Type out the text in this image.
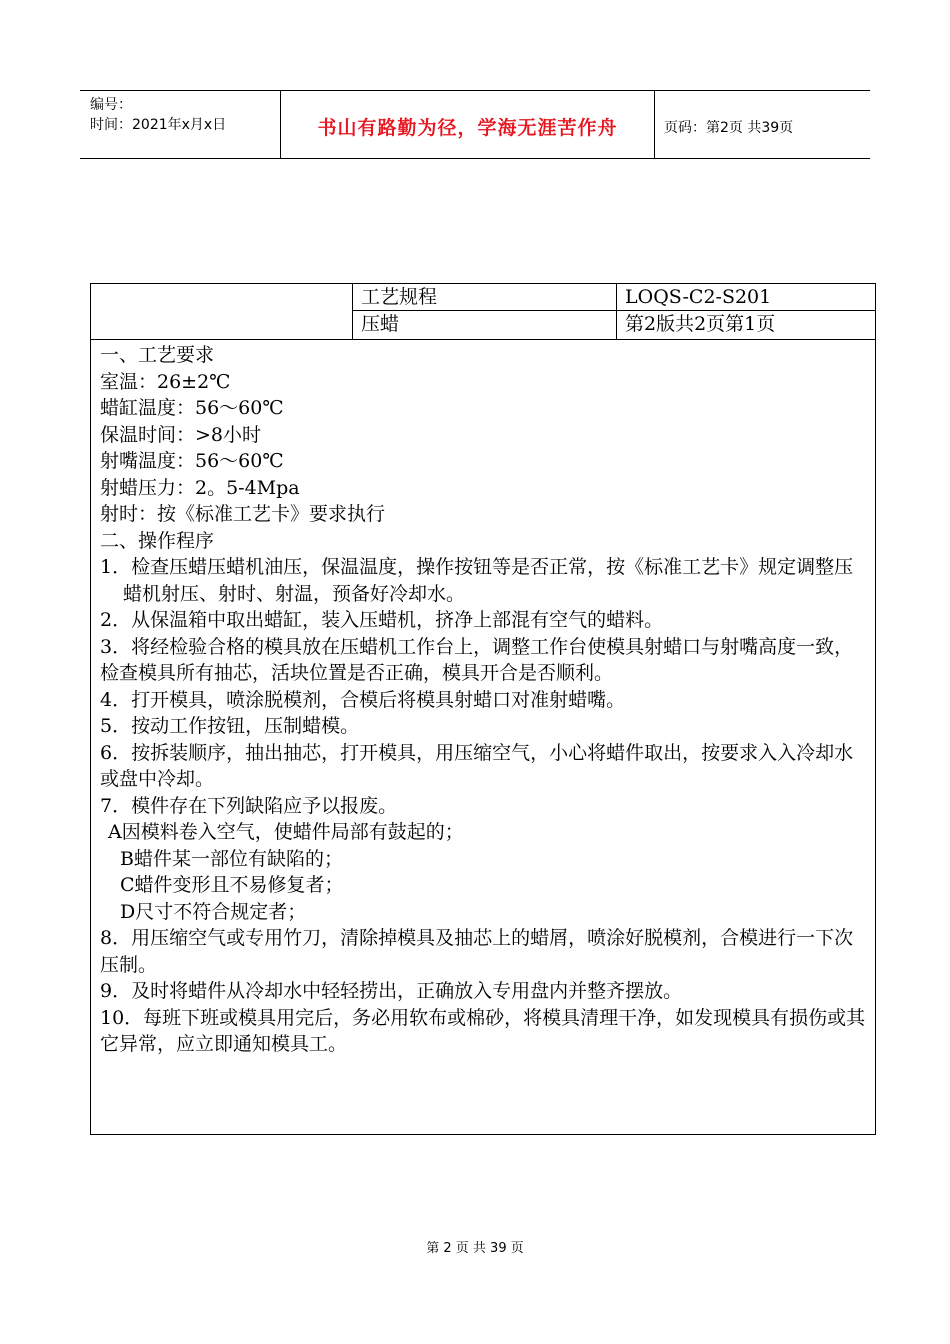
编号：
时间：2021年x月x日	书山有路勤为径，学海无涯苦作舟	页码：第2页 共39页
工艺规程	LOQS-C2-S201
压蜡	第2版共2页第1页

一、工艺要求

室温：26±2℃

蜡缸温度：56～60℃

保温时间：>8小时

射嘴温度：56～60℃

射蜡压力：2。5-4Mpa

射时：按《标准工艺卡》要求执行

二、操作程序

1．检查压蜡压蜡机油压，保温温度，操作按钮等是否正常，按《标准工艺卡》规定调整压蜡机射压、射时、射温，预备好冷却水。

2．从保温箱中取出蜡缸，装入压蜡机，挤净上部混有空气的蜡料。

3．将经检验合格的模具放在压蜡机工作台上，调整工作台使模具射蜡口与射嘴高度一致，检查模具所有抽芯，活块位置是否正确，模具开合是否顺利。

4．打开模具，喷涂脱模剂，合模后将模具射蜡口对准射蜡嘴。

5．按动工作按钮，压制蜡模。

6．按拆装顺序，抽出抽芯，打开模具，用压缩空气，小心将蜡件取出，按要求入入冷却水或盘中冷却。

7．模件存在下列缺陷应予以报废。

A因模料卷入空气，使蜡件局部有鼓起的；

B蜡件某一部位有缺陷的；

C蜡件变形且不易修复者；

D尺寸不符合规定者；

8．用压缩空气或专用竹刀，清除掉模具及抽芯上的蜡屑，喷涂好脱模剂，合模进行一下次压制。

9．及时将蜡件从冷却水中轻轻捞出，正确放入专用盘内并整齐摆放。

10．每班下班或模具用完后，务必用软布或棉砂，将模具清理干净，如发现模具有损伤或其它异常，应立即通知模具工。

第 2 页 共 39 页
